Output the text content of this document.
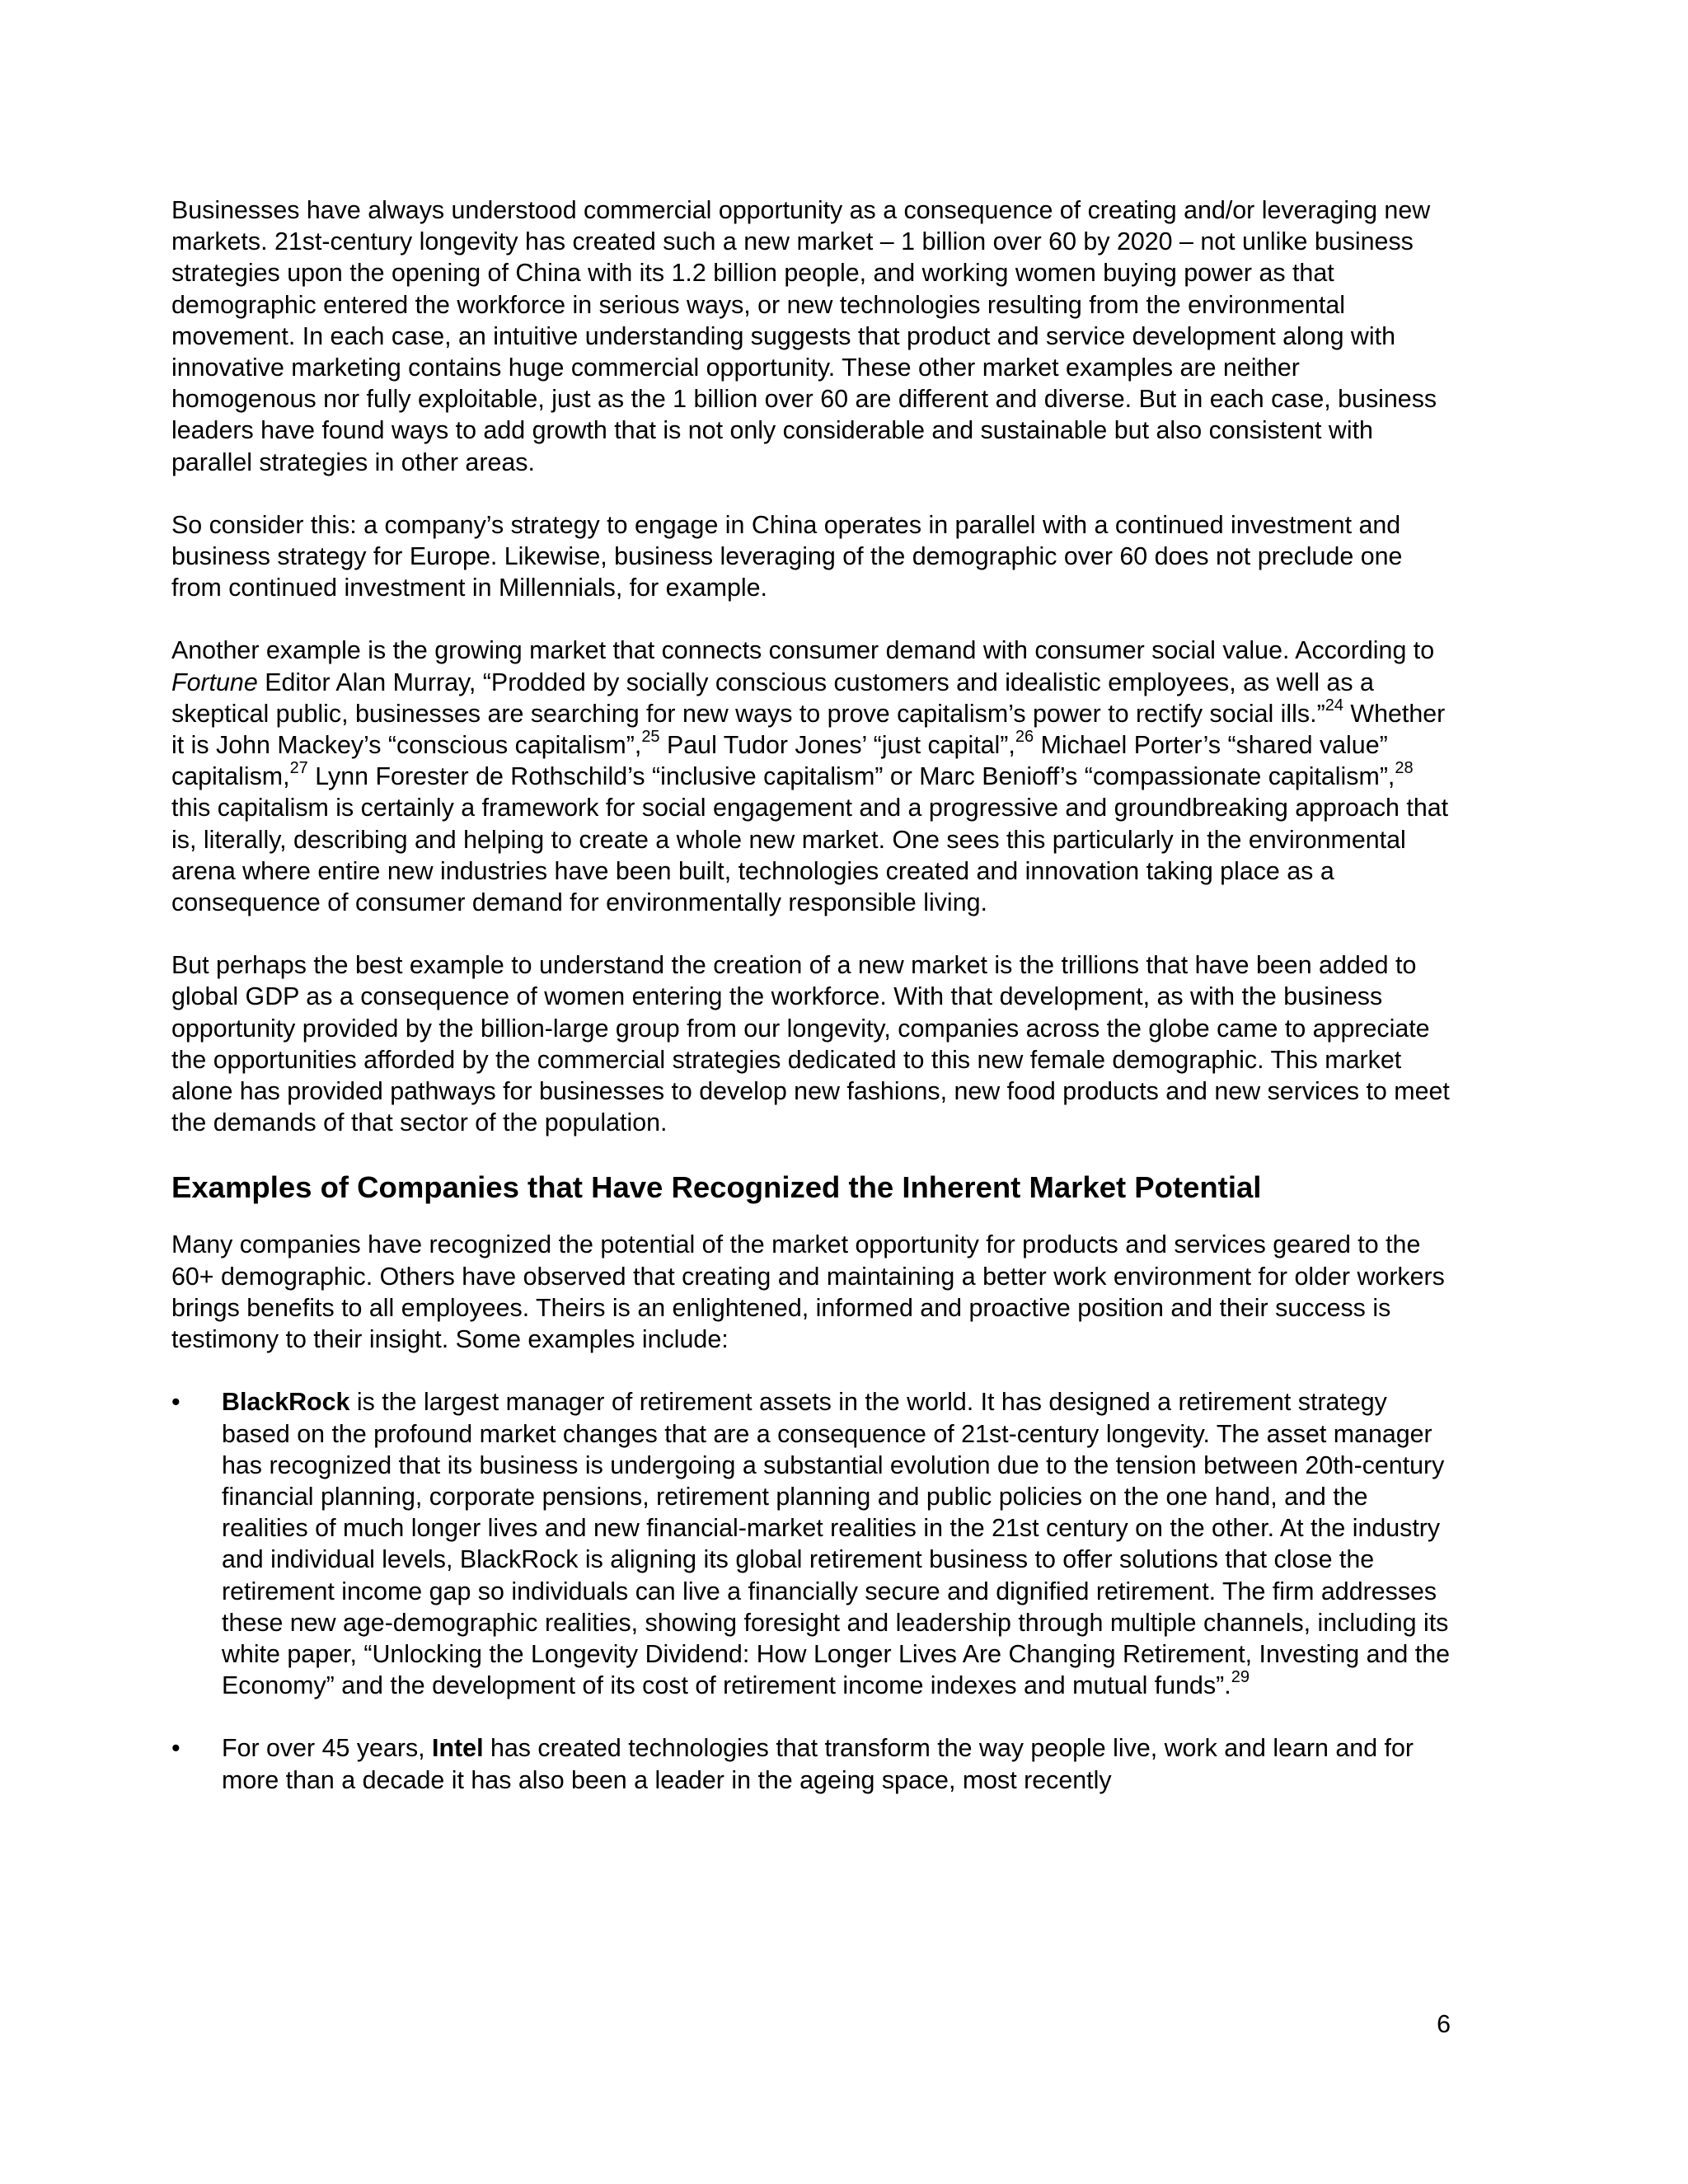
Businesses have always understood commercial opportunity as a consequence of creating and/or leveraging new markets. 21st-century longevity has created such a new market – 1 billion over 60 by 2020 – not unlike business strategies upon the opening of China with its 1.2 billion people, and working women buying power as that demographic entered the workforce in serious ways, or new technologies resulting from the environmental movement. In each case, an intuitive understanding suggests that product and service development along with innovative marketing contains huge commercial opportunity. These other market examples are neither homogenous nor fully exploitable, just as the 1 billion over 60 are different and diverse. But in each case, business leaders have found ways to add growth that is not only considerable and sustainable but also consistent with parallel strategies in other areas.

So consider this: a company’s strategy to engage in China operates in parallel with a continued investment and business strategy for Europe. Likewise, business leveraging of the demographic over 60 does not preclude one from continued investment in Millennials, for example.

Another example is the growing market that connects consumer demand with consumer social value. According to Fortune Editor Alan Murray, “Prodded by socially conscious customers and idealistic employees, as well as a skeptical public, businesses are searching for new ways to prove capitalism’s power to rectify social ills.”$^{24}$ Whether it is John Mackey’s “conscious capitalism”,$^{25}$ Paul Tudor Jones’ “just capital”,$^{26}$ Michael Porter’s “shared value” capitalism,$^{27}$ Lynn Forester de Rothschild’s “inclusive capitalism” or Marc Benioff’s “compassionate capitalism”,$^{28}$ this capitalism is certainly a framework for social engagement and a progressive and groundbreaking approach that is, literally, describing and helping to create a whole new market. One sees this particularly in the environmental arena where entire new industries have been built, technologies created and innovation taking place as a consequence of consumer demand for environmentally responsible living.

But perhaps the best example to understand the creation of a new market is the trillions that have been added to global GDP as a consequence of women entering the workforce. With that development, as with the business opportunity provided by the billion-large group from our longevity, companies across the globe came to appreciate the opportunities afforded by the commercial strategies dedicated to this new female demographic. This market alone has provided pathways for businesses to develop new fashions, new food products and new services to meet the demands of that sector of the population.

Examples of Companies that Have Recognized the Inherent Market Potential

Many companies have recognized the potential of the market opportunity for products and services geared to the 60+ demographic. Others have observed that creating and maintaining a better work environment for older workers brings benefits to all employees. Theirs is an enlightened, informed and proactive position and their success is testimony to their insight. Some examples include:

• BlackRock is the largest manager of retirement assets in the world. It has designed a retirement strategy based on the profound market changes that are a consequence of 21st-century longevity. The asset manager has recognized that its business is undergoing a substantial evolution due to the tension between 20th-century financial planning, corporate pensions, retirement planning and public policies on the one hand, and the realities of much longer lives and new financial-market realities in the 21st century on the other. At the industry and individual levels, BlackRock is aligning its global retirement business to offer solutions that close the retirement income gap so individuals can live a financially secure and dignified retirement. The firm addresses these new age-demographic realities, showing foresight and leadership through multiple channels, including its white paper, “Unlocking the Longevity Dividend: How Longer Lives Are Changing Retirement, Investing and the Economy” and the development of its cost of retirement income indexes and mutual funds”.$^{29}$
• For over 45 years, Intel has created technologies that transform the way people live, work and learn and for more than a decade it has also been a leader in the ageing space, most recently
6
